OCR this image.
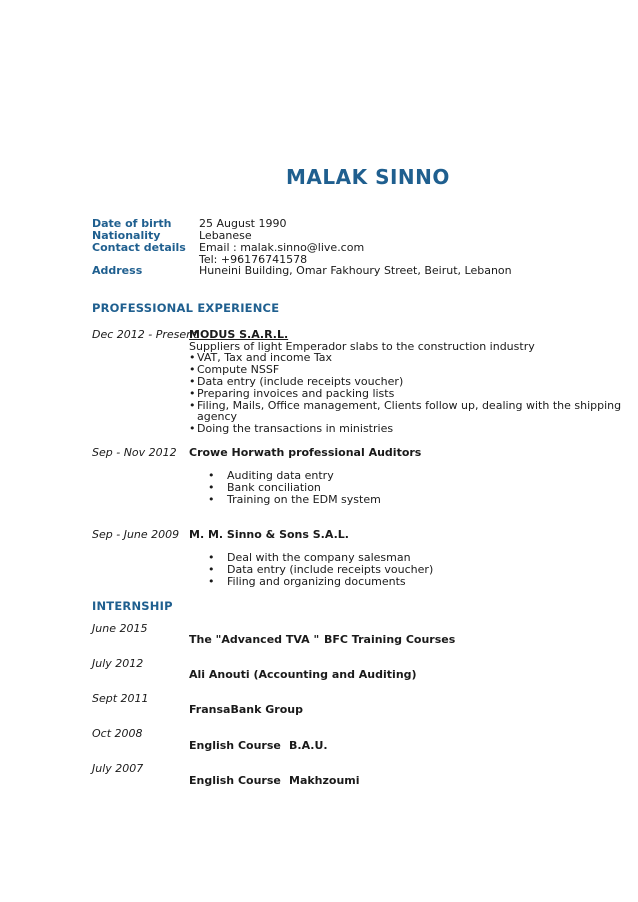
MALAK SINNO
Date of birth	25 August 1990
Nationality	Lebanese
Contact details Email : malak.sinno@live.com
Tel: +96176741578
Address	Huneini Building, Omar Fakhoury Street, Beirut, Lebanon
PROFESSIONAL EXPERIENCE
Dec 2012 - Present
MODUS S.A.R.L.
Suppliers of light Emperador slabs to the construction industry
• VAT, Tax and income Tax
• Compute NSSF
• Data entry (include receipts voucher)
• Preparing invoices and packing lists
• Filing, Mails, Office management, Clients follow up, dealing with the shipping
agency
• Doing the transactions in ministries
Sep - Nov 2012 Crowe Horwath professional Auditors
• Auditing data entry
• Bank conciliation
• Training on the EDM system
Sep - June 2009 M. M. Sinno & Sons S.A.L.
• Deal with the company salesman
• Data entry (include receipts voucher)
• Filing and organizing documents
INTERNSHIP
June 2015
The "Advanced TVA " BFC Training Courses
July 2012
Ali Anouti (Accounting and Auditing)
Sept 2011
FransaBank Group
Oct 2008
English Course B.A.U.
July 2007
English Course Makhzoumi
